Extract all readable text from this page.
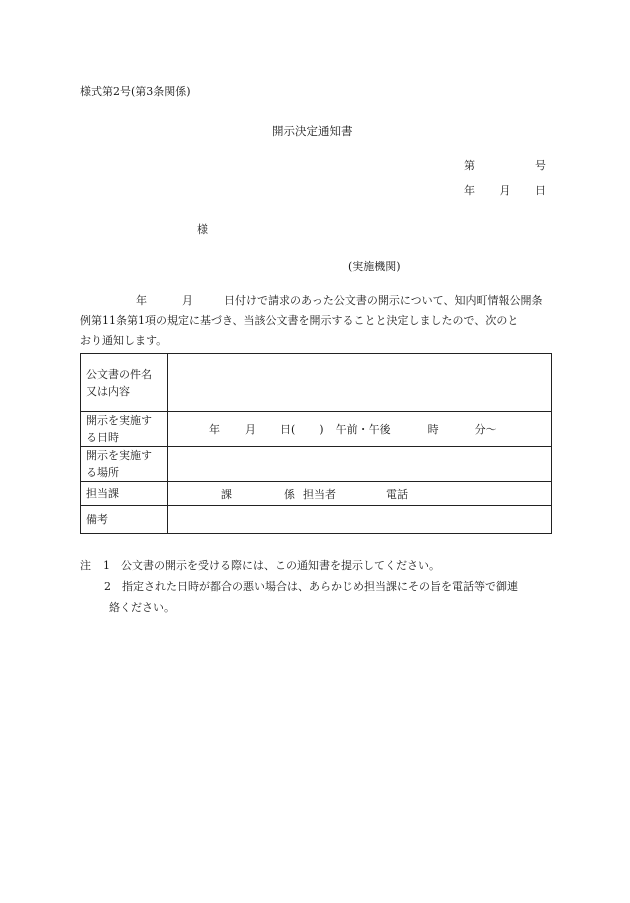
様式第2号(第3条関係)
開示決定通知書
第	号
年 月 日
様
(実施機関)
年	月	日付けで請求のあった公文書の開示について、知内町情報公開条
例第11条第1項の規定に基づき、当該公文書を開示することと決定しましたので、次のと
おり通知します。
公文書の件名
又は内容	
開示を実施す
る日時	年 月 日( ) 午前・午後 時 分〜
開示を実施す
る場所	
担当課	課 係 担当者 電話
備考	
注 1 公文書の開示を受ける際には、この通知書を提示してください。
2 指定された日時が都合の悪い場合は、あらかじめ担当課にその旨を電話等で御連
絡ください。
